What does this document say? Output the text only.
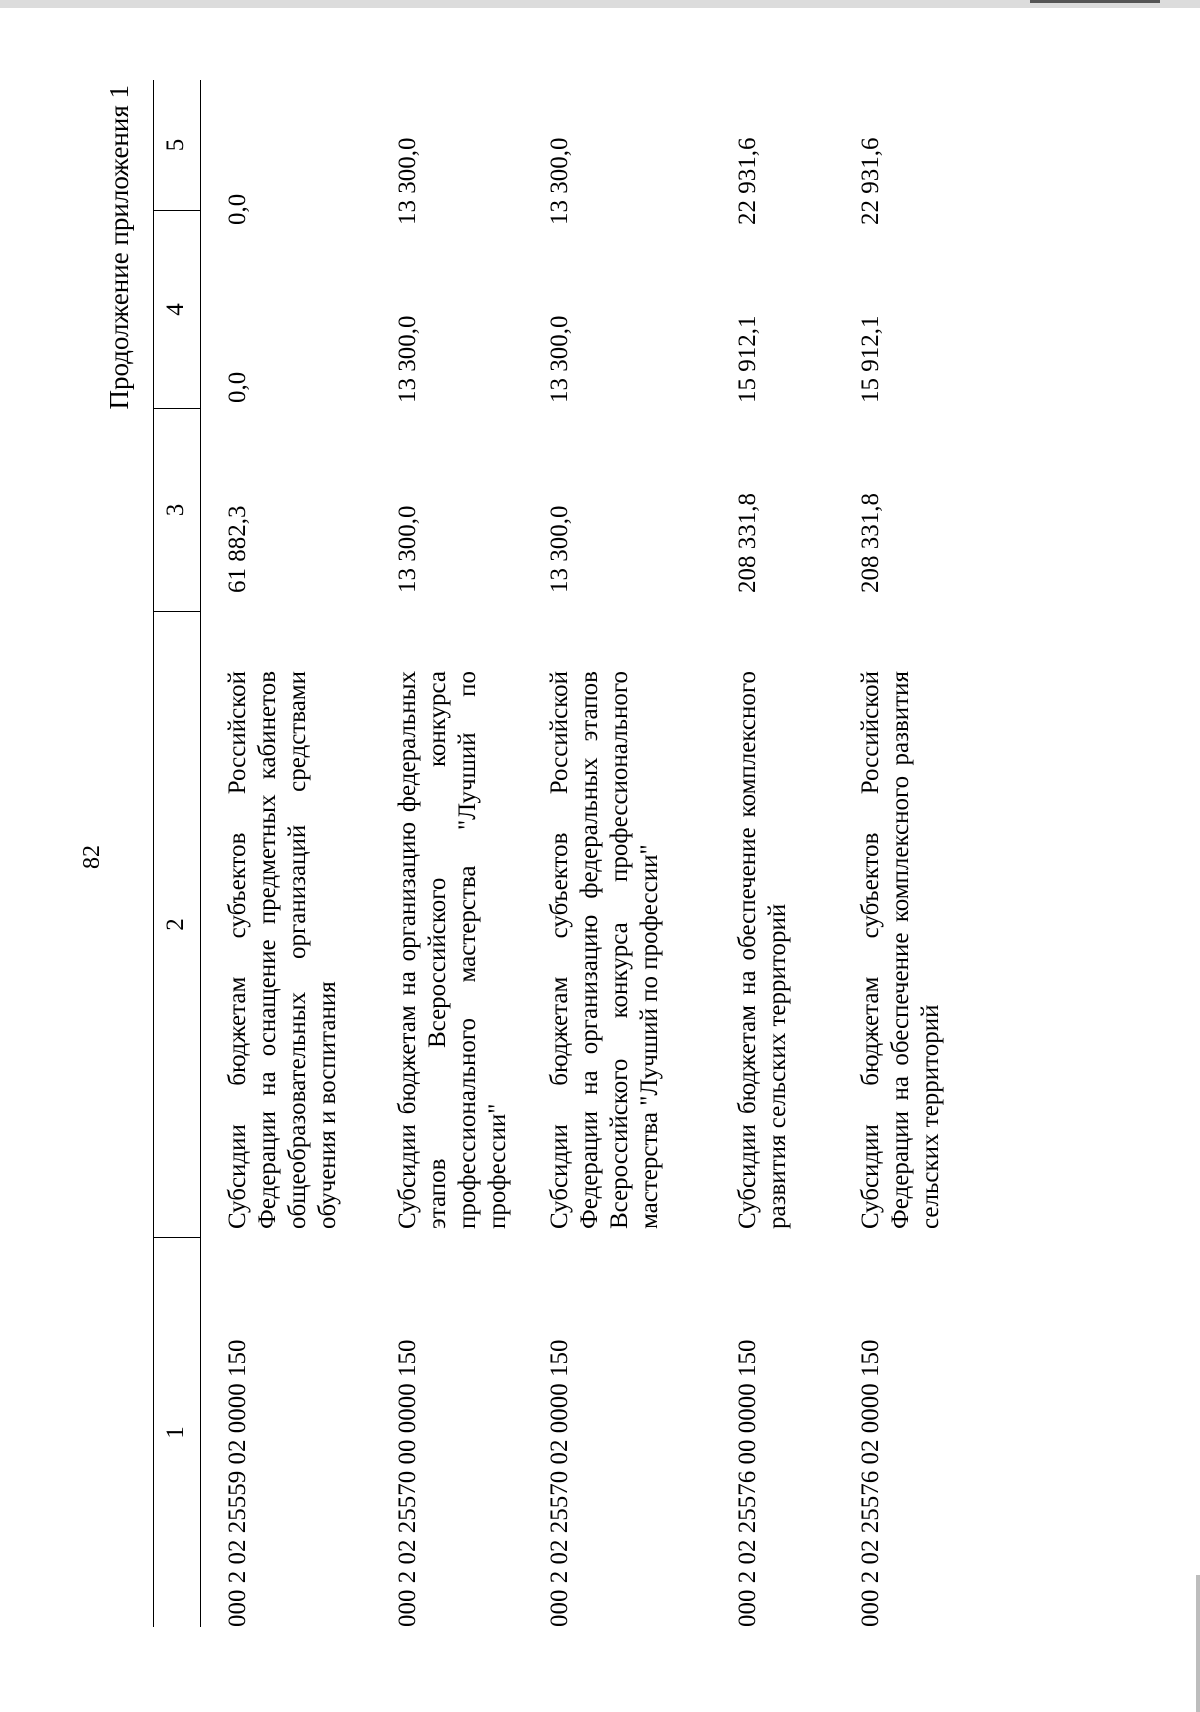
82
Продолжение приложения 1
1
2
3
4
5
000 2 02 25559 02 0000 150
Субсидии бюджетам субъектов Российской Федерации на оснащение предметных кабинетов общеобразовательных организаций средствами обучения и воспитания
61 882,3
0,0
0,0
000 2 02 25570 00 0000 150
Субсидии бюджетам на организацию федеральных этапов Всероссийского конкурса профессионального мастерства "Лучший по профессии"
13 300,0
13 300,0
13 300,0
000 2 02 25570 02 0000 150
Субсидии бюджетам субъектов Российской Федерации на организацию федеральных этапов Всероссийского конкурса профессионального мастерства "Лучший по профессии"
13 300,0
13 300,0
13 300,0
000 2 02 25576 00 0000 150
Субсидии бюджетам на обеспечение комплексного развития сельских территорий
208 331,8
15 912,1
22 931,6
000 2 02 25576 02 0000 150
Субсидии бюджетам субъектов Российской Федерации на обеспечение комплексного развития сельских территорий
208 331,8
15 912,1
22 931,6
